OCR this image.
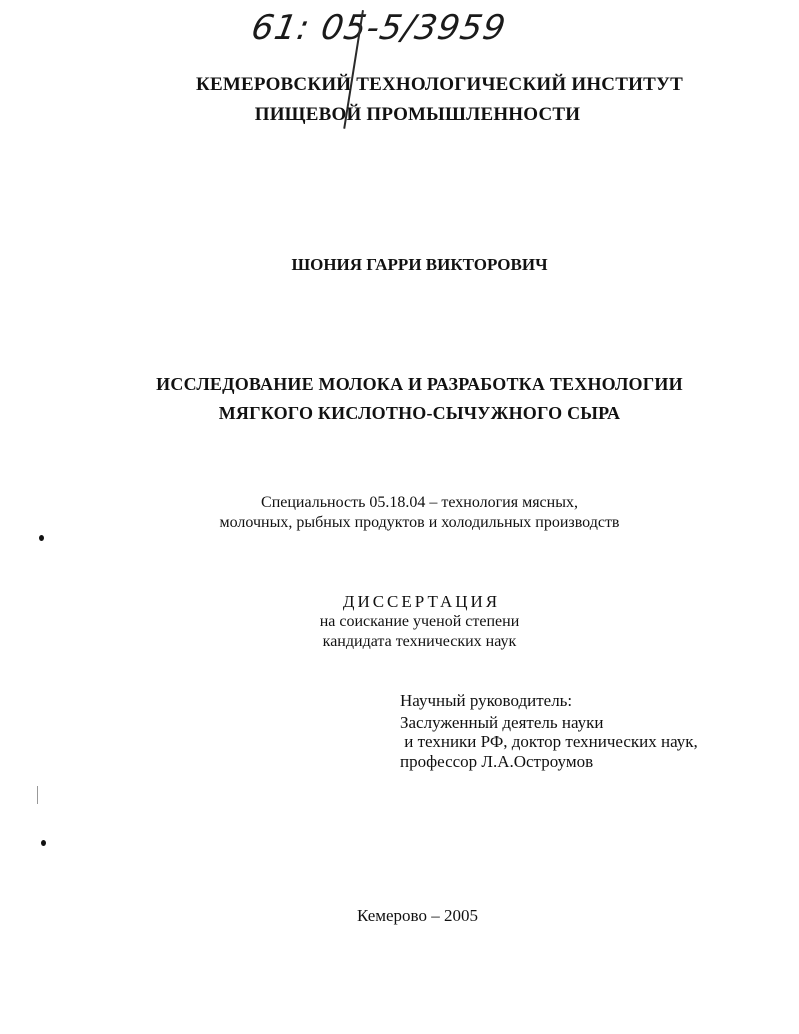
61: 05-5/3959
КЕМЕРОВСКИЙ ТЕХНОЛОГИЧЕСКИЙ ИНСТИТУТ
ПИЩЕВОЙ ПРОМЫШЛЕННОСТИ
ШОНИЯ ГАРРИ ВИКТОРОВИЧ
ИССЛЕДОВАНИЕ МОЛОКА И РАЗРАБОТКА ТЕХНОЛОГИИ
МЯГКОГО КИСЛОТНО-СЫЧУЖНОГО СЫРА
Специальность 05.18.04 – технология мясных,
молочных, рыбных продуктов и холодильных производств
ДИССЕРТАЦИЯ
на соискание ученой степени
кандидата технических наук
Научный руководитель:
Заслуженный деятель науки
и техники РФ, доктор технических наук,
профессор Л.А.Остроумов
Кемерово – 2005
